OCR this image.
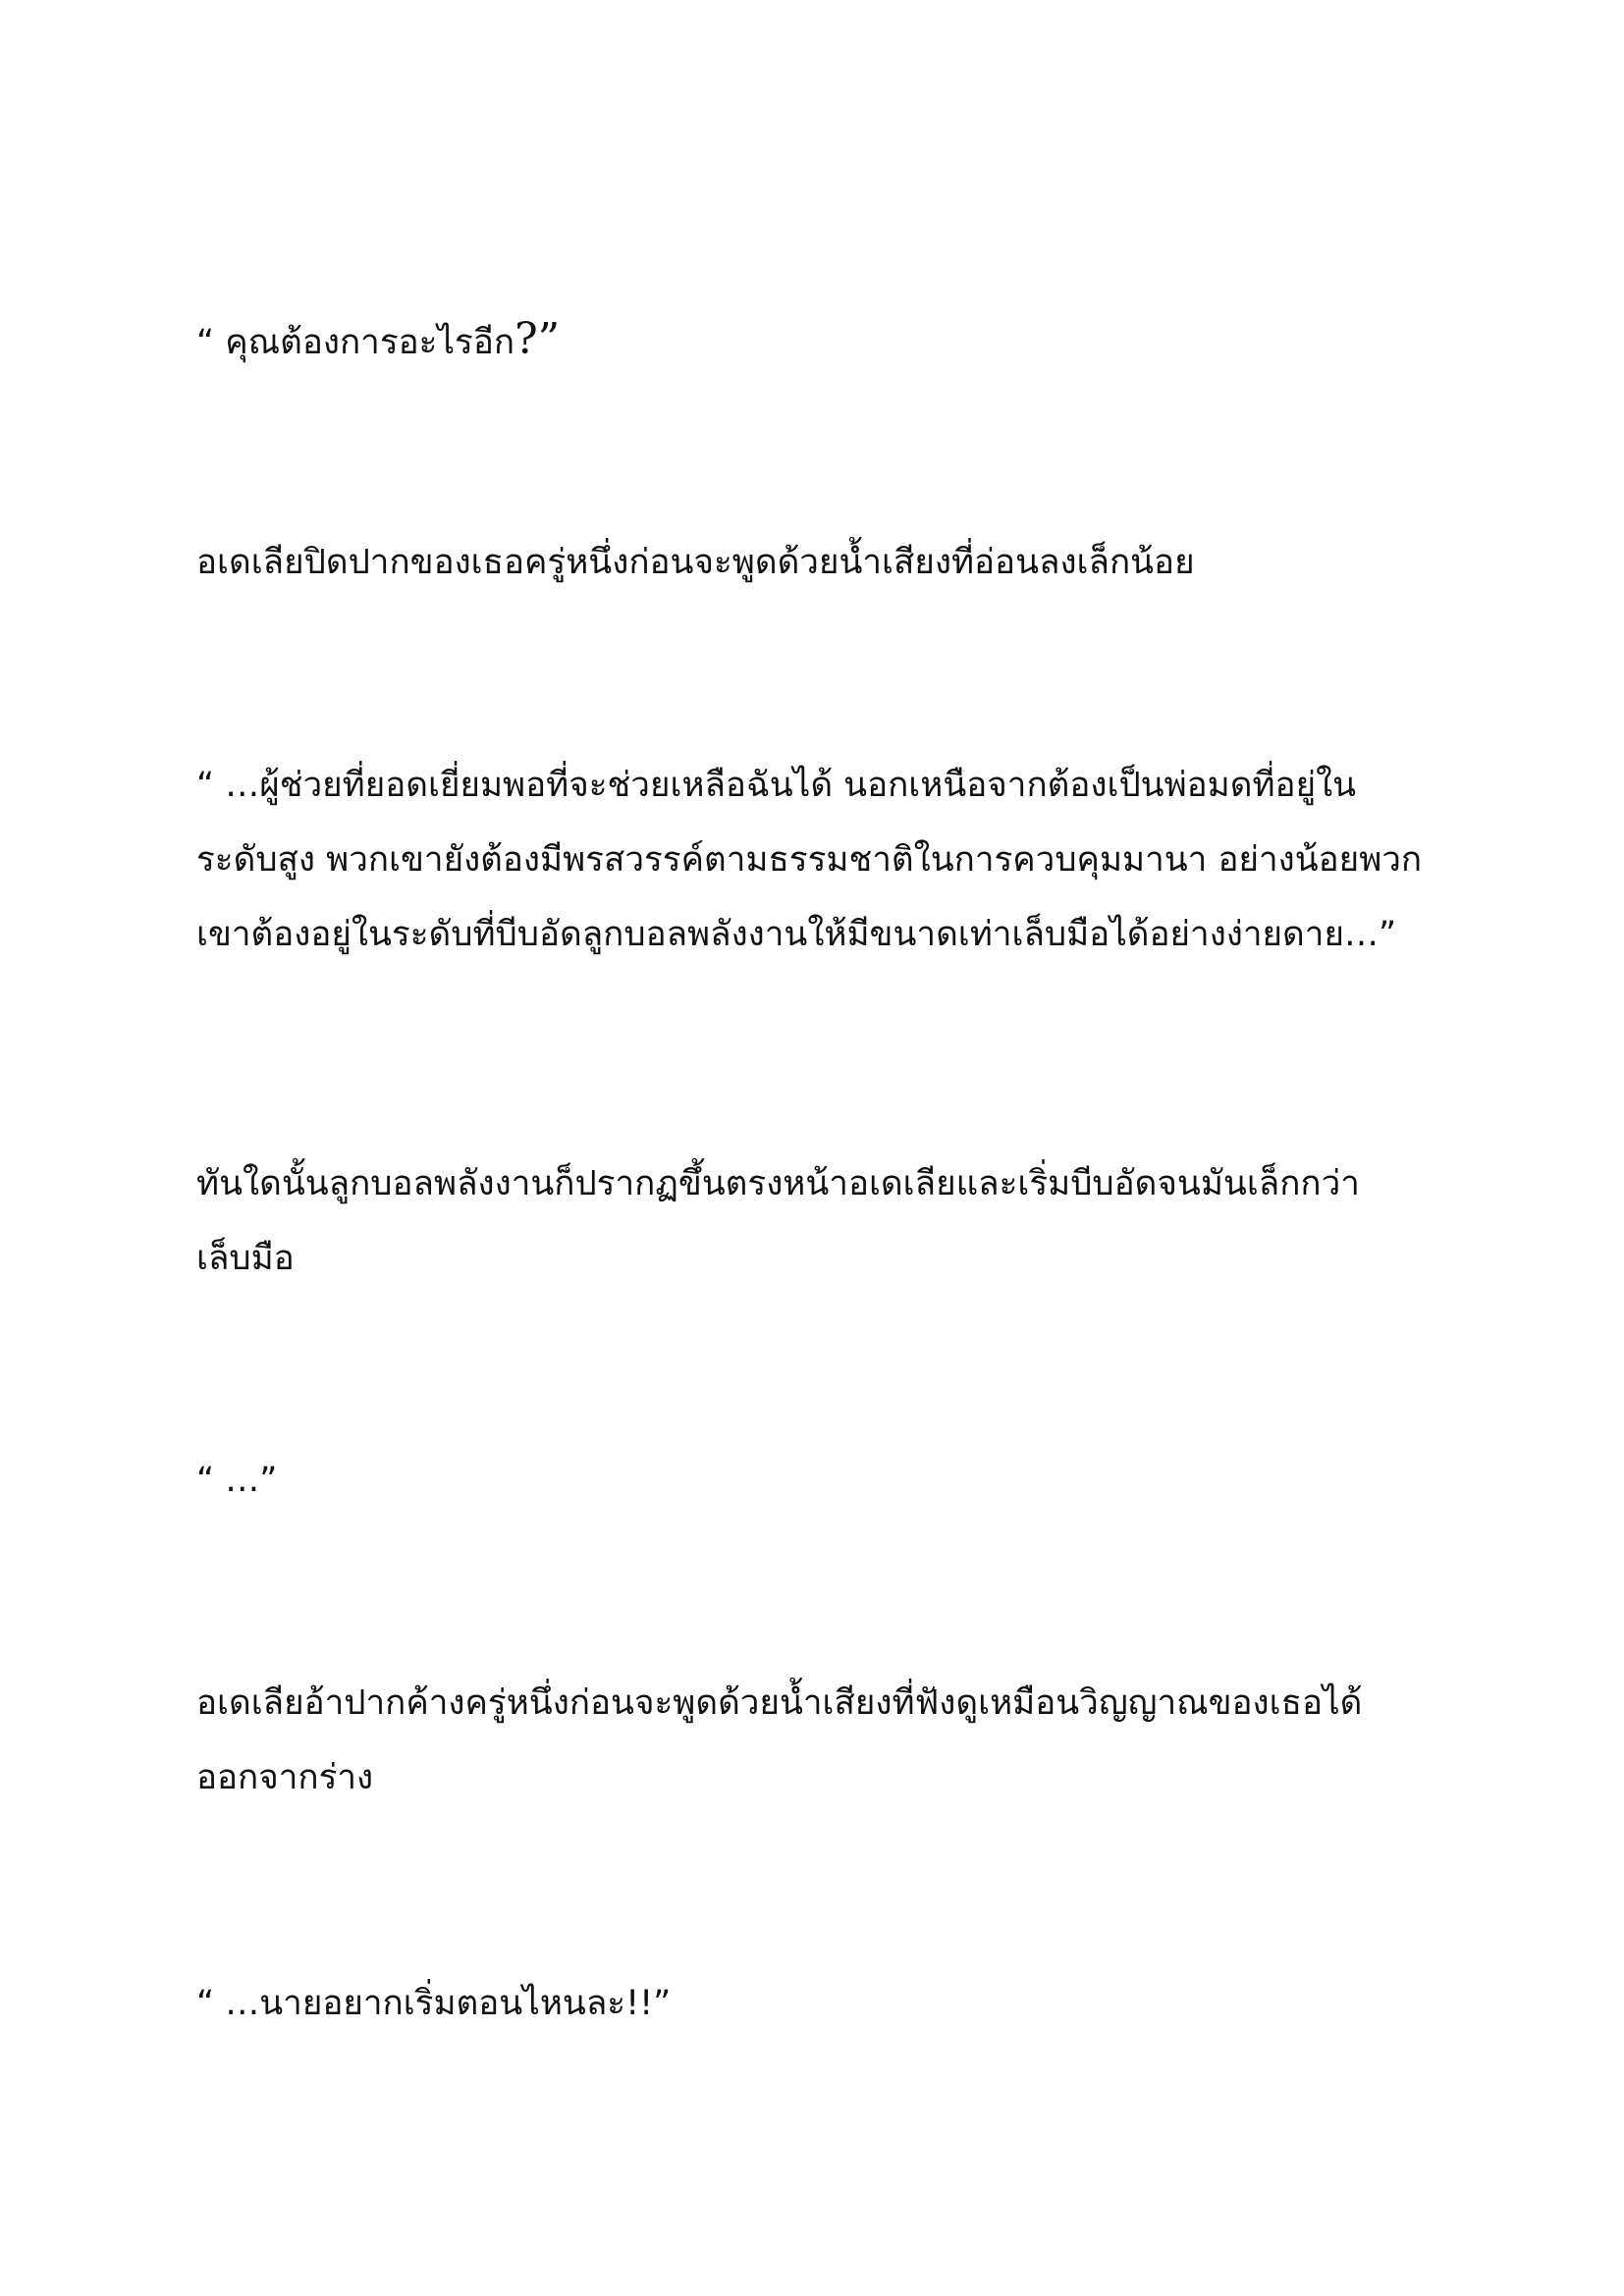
“ คุณต้องการอะไรอีก?”
อเดเลียปิดปากของเธอครู่หนึ่งก่อนจะพูดด้วยน้ำเสียงที่อ่อนลงเล็กน้อย
“ …ผู้ช่วยที่ยอดเยี่ยมพอที่จะช่วยเหลือฉันได้ นอกเหนือจากต้องเป็นพ่อมดที่อยู่ใน
ระดับสูง พวกเขายังต้องมีพรสวรรค์ตามธรรมชาติในการควบคุมมานา อย่างน้อยพวก
เขาต้องอยู่ในระดับที่บีบอัดลูกบอลพลังงานให้มีขนาดเท่าเล็บมือได้อย่างง่ายดาย…”
ทันใดนั้นลูกบอลพลังงานก็ปรากฏขึ้นตรงหน้าอเดเลียและเริ่มบีบอัดจนมันเล็กกว่า
เล็บมือ
“ …”
อเดเลียอ้าปากค้างครู่หนึ่งก่อนจะพูดด้วยน้ำเสียงที่ฟังดูเหมือนวิญญาณของเธอได้
ออกจากร่าง
“ …นายอยากเริ่มตอนไหนละ!!”
